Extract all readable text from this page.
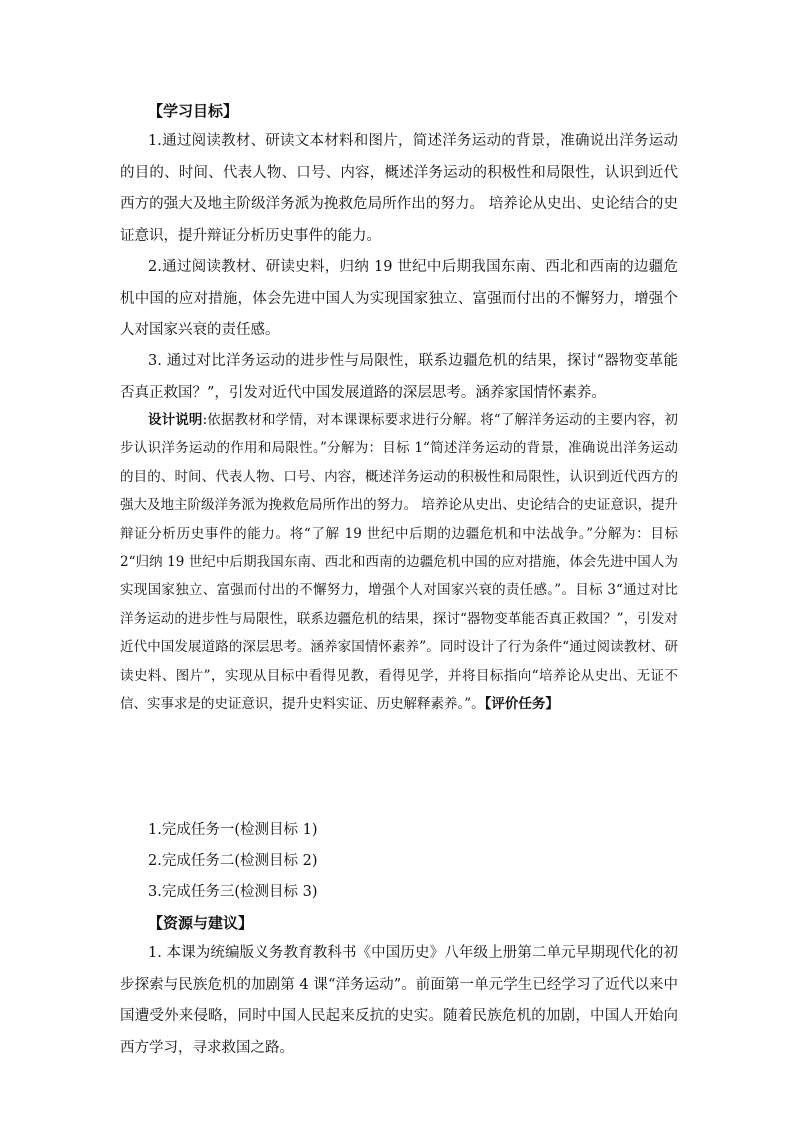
【学习目标】

1.通过阅读教材、研读文本材料和图片，简述洋务运动的背景，准确说出洋务运动的目的、时间、代表人物、口号、内容，概述洋务运动的积极性和局限性，认识到近代西方的强大及地主阶级洋务派为挽救危局所作出的努力。 培养论从史出、史论结合的史证意识，提升辩证分析历史事件的能力。

2.通过阅读教材、研读史料，归纳 19 世纪中后期我国东南、西北和西南的边疆危机中国的应对措施，体会先进中国人为实现国家独立、富强而付出的不懈努力，增强个人对国家兴衰的责任感。

3. 通过对比洋务运动的进步性与局限性，联系边疆危机的结果，探讨“器物变革能否真正救国？”，引发对近代中国发展道路的深层思考。涵养家国情怀素养。

设计说明:依据教材和学情，对本课课标要求进行分解。将“了解洋务运动的主要内容，初步认识洋务运动的作用和局限性。”分解为：目标 1“简述洋务运动的背景，准确说出洋务运动的目的、时间、代表人物、口号、内容，概述洋务运动的积极性和局限性，认识到近代西方的强大及地主阶级洋务派为挽救危局所作出的努力。 培养论从史出、史论结合的史证意识，提升辩证分析历史事件的能力。将“了解 19 世纪中后期的边疆危机和中法战争。”分解为：目标 2“归纳 19 世纪中后期我国东南、西北和西南的边疆危机中国的应对措施，体会先进中国人为实现国家独立、富强而付出的不懈努力，增强个人对国家兴衰的责任感。”。目标 3“通过对比洋务运动的进步性与局限性，联系边疆危机的结果，探讨“器物变革能否真正救国？”，引发对近代中国发展道路的深层思考。涵养家国情怀素养”。同时设计了行为条件“通过阅读教材、研读史料、图片”，实现从目标中看得见教，看得见学，并将目标指向“培养论从史出、无证不信、实事求是的史证意识，提升史料实证、历史解释素养。”。【评价任务】

1.完成任务一(检测目标 1)
2.完成任务二(检测目标 2)
3.完成任务三(检测目标 3)
【资源与建议】

1. 本课为统编版义务教育教科书《中国历史》八年级上册第二单元早期现代化的初步探索与民族危机的加剧第 4 课“洋务运动”。前面第一单元学生已经学习了近代以来中国遭受外来侵略，同时中国人民起来反抗的史实。随着民族危机的加剧，中国人开始向西方学习，寻求救国之路。
